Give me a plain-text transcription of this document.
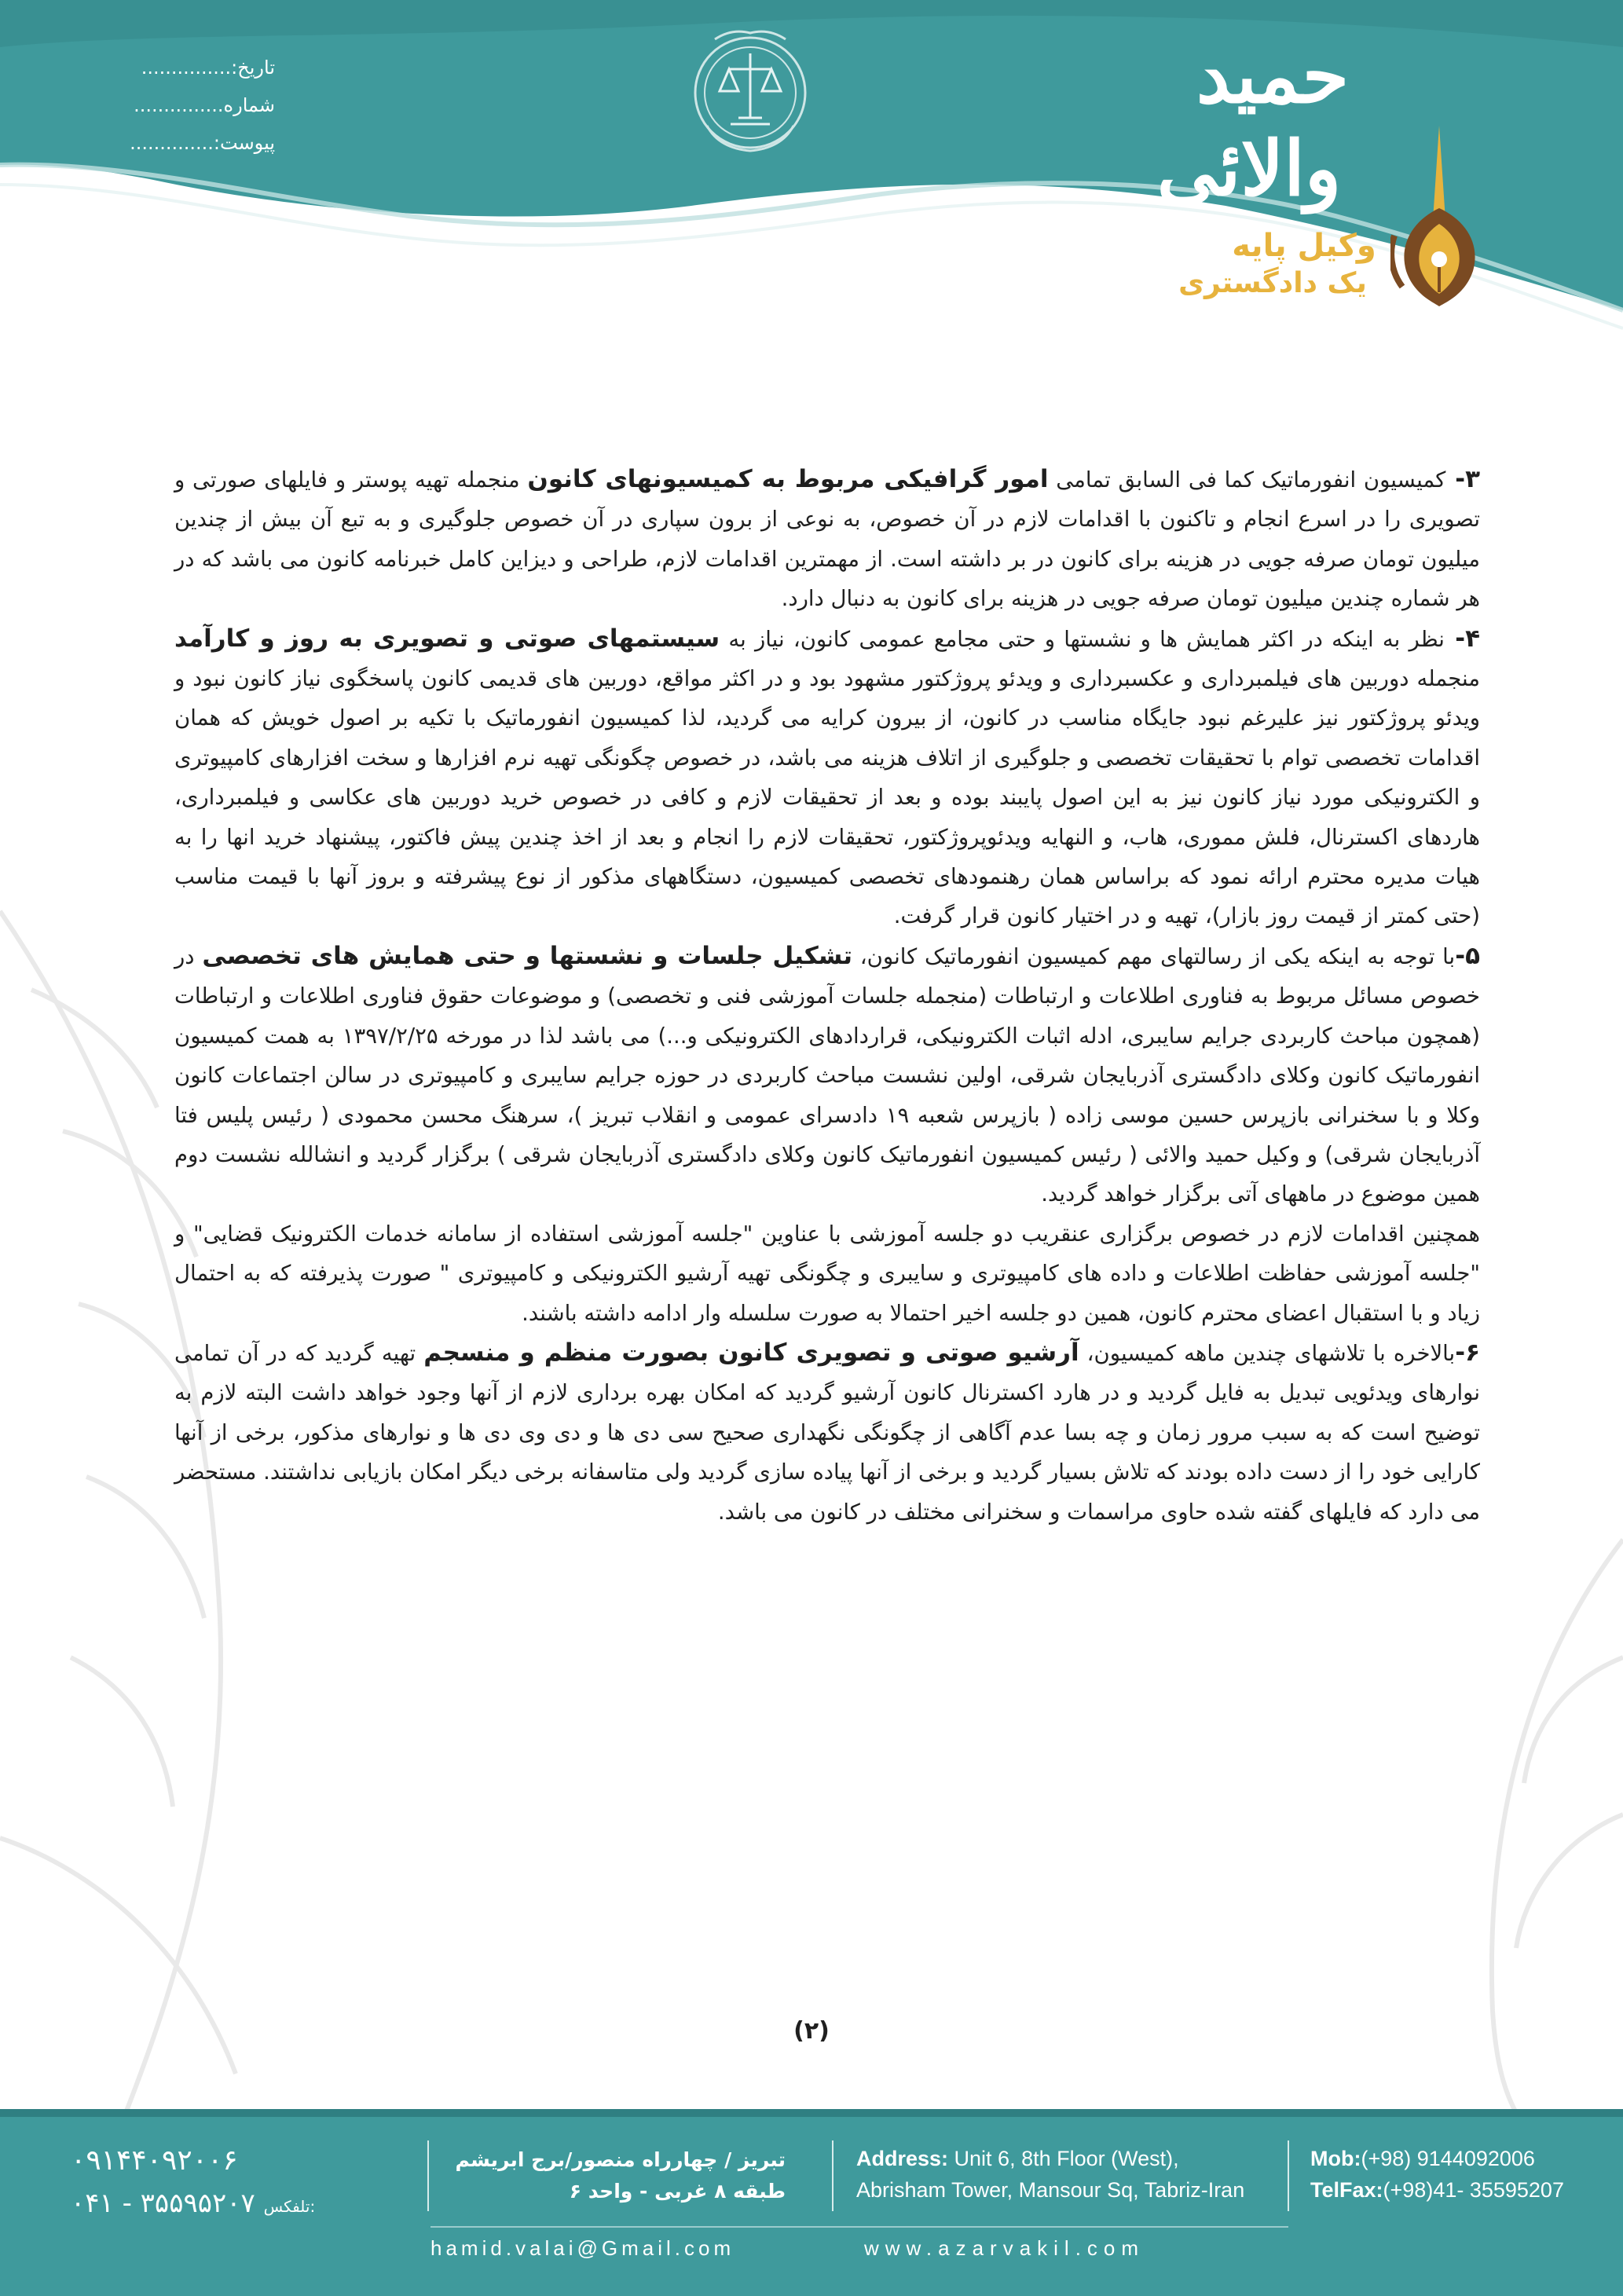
تاریخ:...............
شماره...............
پیوست:..............
حمید
والائی
وکیل پایه
یک دادگستری

۳- کمیسیون انفورماتیک کما فی السابق تمامی امور گرافیکی مربوط به کمیسیونهای کانون منجمله تهیه پوستر و فایلهای صورتی و تصویری را در اسرع انجام و تاکنون با اقدامات لازم در آن خصوص، به نوعی از برون سپاری در آن خصوص جلوگیری و به تبع آن بیش از چندین میلیون تومان صرفه جویی در هزینه برای کانون در بر داشته است. از مهمترین اقدامات لازم، طراحی و دیزاین کامل خبرنامه کانون می باشد که در هر شماره چندین میلیون تومان صرفه جویی در هزینه برای کانون به دنبال دارد.

۴- نظر به اینکه در اکثر همایش ها و نشستها و حتی مجامع عمومی کانون، نیاز به سیستمهای صوتی و تصویری به روز و کارآمد منجمله دوربین های فیلمبرداری و عکسبرداری و ویدئو پروژکتور مشهود بود و در اکثر مواقع، دوربین های قدیمی کانون پاسخگوی نیاز کانون نبود و ویدئو پروژکتور نیز علیرغم نبود جایگاه مناسب در کانون، از بیرون کرایه می گردید، لذا کمیسیون انفورماتیک با تکیه بر اصول خویش که همان اقدامات تخصصی توام با تحقیقات تخصصی و جلوگیری از اتلاف هزینه می باشد، در خصوص چگونگی تهیه نرم افزارها و سخت افزارهای کامپیوتری و الکترونیکی مورد نیاز کانون نیز به این اصول پایبند بوده و بعد از تحقیقات لازم و کافی در خصوص خرید دوربین های عکاسی و فیلمبرداری، هاردهای اکسترنال، فلش مموری، هاب، و النهایه ویدئوپروژکتور، تحقیقات لازم را انجام و بعد از اخذ چندین پیش فاکتور، پیشنهاد خرید انها را به هیات مدیره محترم ارائه نمود که براساس همان رهنمودهای تخصصی کمیسیون، دستگاههای مذکور از نوع پیشرفته و بروز آنها با قیمت مناسب (حتی کمتر از قیمت روز بازار)، تهیه و در اختیار کانون قرار گرفت.

۵-با توجه به اینکه یکی از رسالتهای مهم کمیسیون انفورماتیک کانون، تشکیل جلسات و نشستها و حتی همایش های تخصصی در خصوص مسائل مربوط به فناوری اطلاعات و ارتباطات (منجمله جلسات آموزشی فنی و تخصصی) و موضوعات حقوق فناوری اطلاعات و ارتباطات (همچون مباحث کاربردی جرایم سایبری، ادله اثبات الکترونیکی، قراردادهای الکترونیکی و...) می باشد لذا در مورخه ۱۳۹۷/۲/۲۵ به همت کمیسیون انفورماتیک کانون وکلای دادگستری آذربایجان شرقی، اولین نشست مباحث کاربردی در حوزه جرایم سایبری و کامپیوتری در سالن اجتماعات کانون وکلا و با سخنرانی بازپرس حسین موسی زاده ( بازپرس شعبه ۱۹ دادسرای عمومی و انقلاب تبریز )، سرهنگ محسن محمودی ( رئیس پلیس فتا آذربایجان شرقی) و وکیل حمید والائی ( رئیس کمیسیون انفورماتیک کانون وکلای دادگستری آذربایجان شرقی ) برگزار گردید و انشالله نشست دوم همین موضوع در ماههای آتی برگزار خواهد گردید.

همچنین اقدامات لازم در خصوص برگزاری عنقریب دو جلسه آموزشی با عناوین "جلسه آموزشی استفاده از سامانه خدمات الکترونیک قضایی" و "جلسه آموزشی حفاظت اطلاعات و داده های کامپیوتری و سایبری و چگونگی تهیه آرشیو الکترونیکی و کامپیوتری " صورت پذیرفته که به احتمال زیاد و با استقبال اعضای محترم کانون، همین دو جلسه اخیر احتمالا به صورت سلسله وار ادامه داشته باشند.

۶-بالاخره با تلاشهای چندین ماهه کمیسیون، آرشیو صوتی و تصویری کانون بصورت منظم و منسجم تهیه گردید که در آن تمامی نوارهای ویدئویی تبدیل به فایل گردید و در هارد اکسترنال کانون آرشیو گردید که امکان بهره برداری لازم از آنها وجود خواهد داشت البته لازم به توضیح است که به سبب مرور زمان و چه بسا عدم آگاهی از چگونگی نگهداری صحیح سی دی ها و دی وی دی ها و نوارهای مذکور، برخی از آنها کارایی خود را از دست داده بودند که تلاش بسیار گردید و برخی از آنها پیاده سازی گردید ولی متاسفانه برخی دیگر امکان بازیابی نداشتند. مستحضر می دارد که فایلهای گفته شده حاوی مراسمات و سخنرانی مختلف در کانون می باشد.

(۲)
۰۹۱۴۴۰۹۲۰۰۶
۰۴۱ - ۳۵۵۹۵۲۰۷ تلفکس:
تبریز / چهارراه منصور/برج ابریشم
طبقه ۸ غربی - واحد ۶
Address: Unit 6, 8th Floor (West),
Abrisham Tower, Mansour Sq, Tabriz-Iran
Mob:(+98) 9144092006
TelFax:(+98)41- 35595207
hamid.valai@Gmail.com	www.azarvakil.com
